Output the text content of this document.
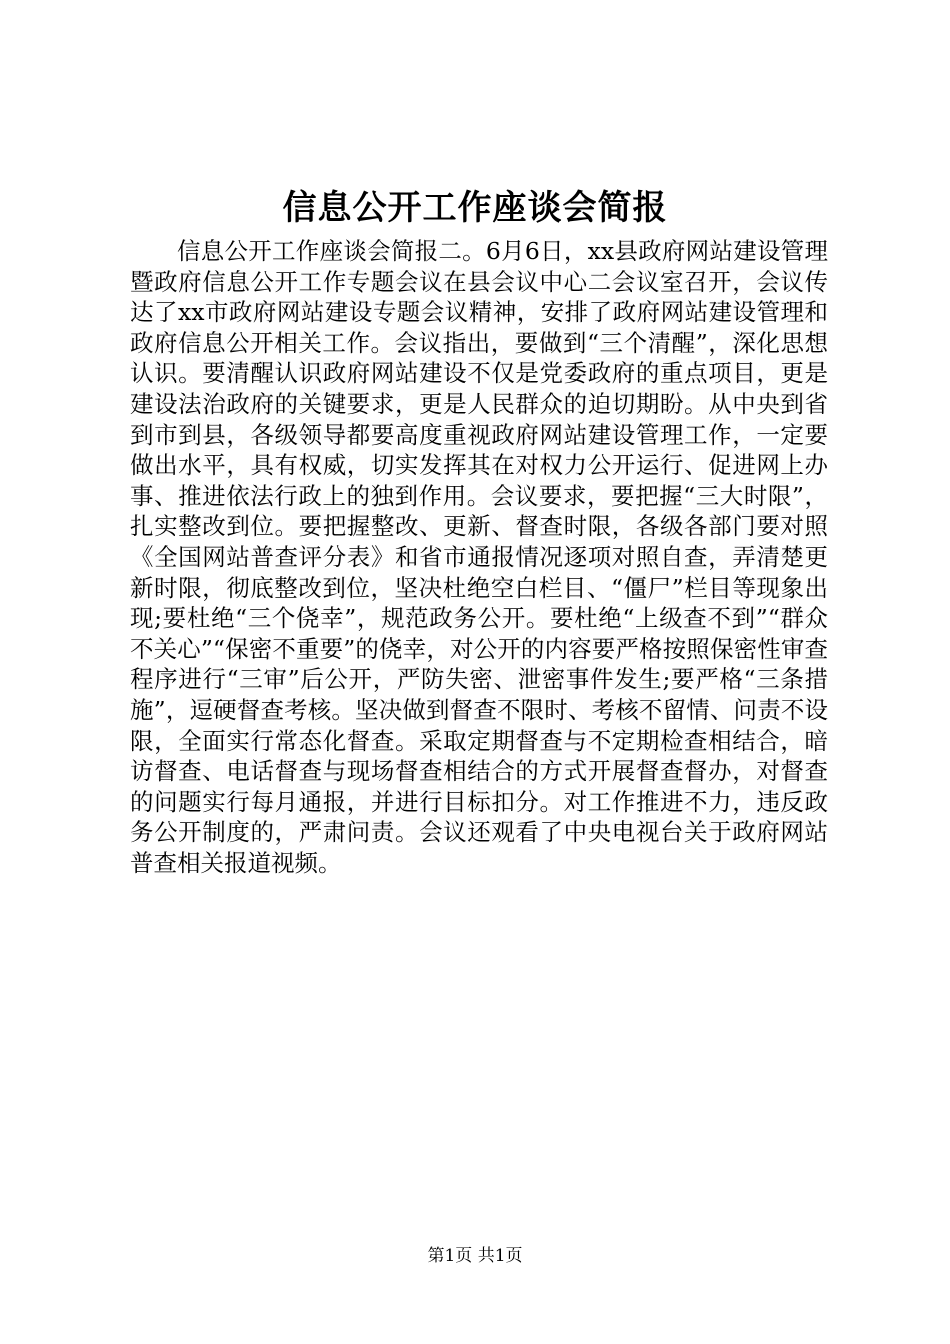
信息公开工作座谈会简报

信息公开工作座谈会简报二。6月6日，xx县政府网站建设管理暨政府信息公开工作专题会议在县会议中心二会议室召开，会议传达了xx市政府网站建设专题会议精神，安排了政府网站建设管理和政府信息公开相关工作。会议指出，要做到“三个清醒”，深化思想认识。要清醒认识政府网站建设不仅是党委政府的重点项目，更是建设法治政府的关键要求，更是人民群众的迫切期盼。从中央到省到市到县，各级领导都要高度重视政府网站建设管理工作，一定要做出水平，具有权威，切实发挥其在对权力公开运行、促进网上办事、推进依法行政上的独到作用。会议要求，要把握“三大时限”，扎实整改到位。要把握整改、更新、督查时限，各级各部门要对照《全国网站普查评分表》和省市通报情况逐项对照自查，弄清楚更新时限，彻底整改到位，坚决杜绝空白栏目、“僵尸”栏目等现象出现;要杜绝“三个侥幸”，规范政务公开。要杜绝“上级查不到”“群众不关心”“保密不重要”的侥幸，对公开的内容要严格按照保密性审查程序进行“三审”后公开，严防失密、泄密事件发生;要严格“三条措施”，逗硬督查考核。坚决做到督查不限时、考核不留情、问责不设限，全面实行常态化督查。采取定期督查与不定期检查相结合，暗访督查、电话督查与现场督查相结合的方式开展督查督办，对督查的问题实行每月通报，并进行目标扣分。对工作推进不力，违反政务公开制度的，严肃问责。会议还观看了中央电视台关于政府网站普查相关报道视频。

第1页 共1页
